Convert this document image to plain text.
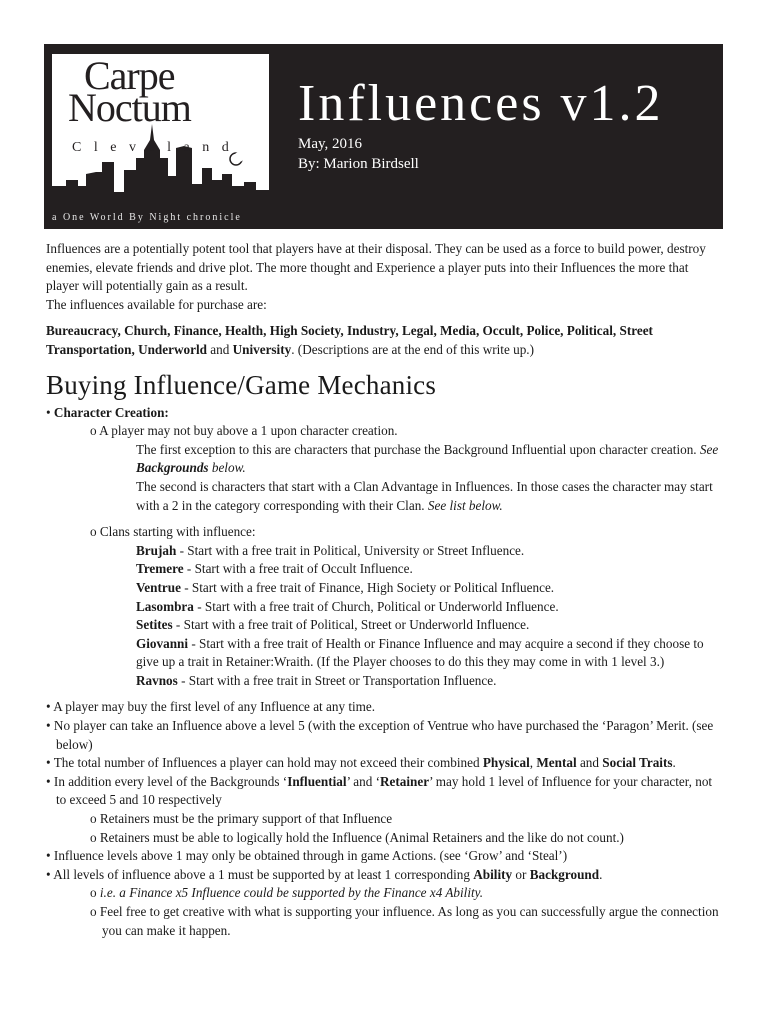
Carpe
Noctum
Cleveland
a One World By Night chronicle
Influences v1.2
May, 2016
By: Marion Birdsell

Influences are a potentially potent tool that players have at their disposal. They can be used as a force to build power, destroy enemies, elevate friends and drive plot. The more thought and Experience a player puts into their Influences the more that player will potentially gain as a result.

The influences available for purchase are:

Bureaucracy, Church, Finance, Health, High Society, Industry, Legal, Media, Occult, Police, Political, Street Transportation, Underworld and University. (Descriptions are at the end of this write up.)

Buying Influence/Game Mechanics

• Character Creation:

o A player may not buy above a 1 upon character creation.

The first exception to this are characters that purchase the Background Influential upon character creation. See Backgrounds below.

The second is characters that start with a Clan Advantage in Influences. In those cases the character may start with a 2 in the category corresponding with their Clan. See list below.

o Clans starting with influence:

Brujah - Start with a free trait in Political, University or Street Influence.

Tremere - Start with a free trait of Occult Influence.

Ventrue - Start with a free trait of Finance, High Society or Political Influence.

Lasombra - Start with a free trait of Church, Political or Underworld Influence.

Setites - Start with a free trait of Political, Street or Underworld Influence.

Giovanni - Start with a free trait of Health or Finance Influence and may acquire a second if they choose to give up a trait in Retainer:Wraith. (If the Player chooses to do this they may come in with 1 level 3.)

Ravnos - Start with a free trait in Street or Transportation Influence.

• A player may buy the first level of any Influence at any time.

• No player can take an Influence above a level 5 (with the exception of Ventrue who have purchased the ‘Paragon’ Merit. (see below)

• The total number of Influences a player can hold may not exceed their combined Physical, Mental and Social Traits.

• In addition every level of the Backgrounds ‘Influential’ and ‘Retainer’ may hold 1 level of Influence for your character, not to exceed 5 and 10 respectively

o Retainers must be the primary support of that Influence

o Retainers must be able to logically hold the Influence (Animal Retainers and the like do not count.)

• Influence levels above 1 may only be obtained through in game Actions. (see ‘Grow’ and ‘Steal’)

• All levels of influence above a 1 must be supported by at least 1 corresponding Ability or Background.

o i.e. a Finance x5 Influence could be supported by the Finance x4 Ability.

o Feel free to get creative with what is supporting your influence. As long as you can successfully argue the connection you can make it happen.
